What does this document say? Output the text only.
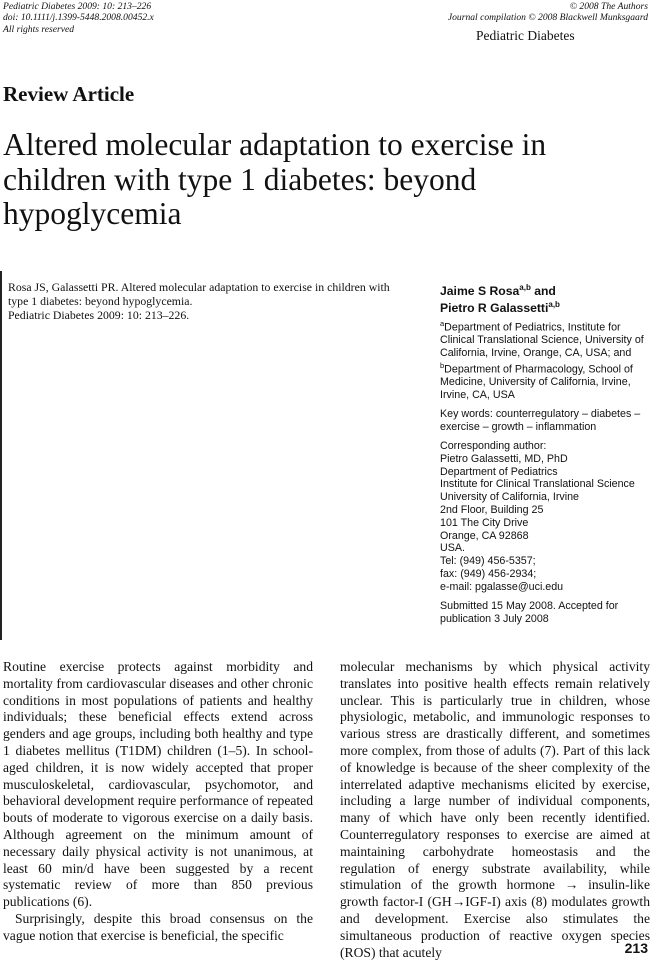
Pediatric Diabetes 2009: 10: 213–226
doi: 10.1111/j.1399-5448.2008.00452.x
All rights reserved
© 2008 The Authors
Journal compilation © 2008 Blackwell Munksgaard
Pediatric Diabetes
Review Article
Altered molecular adaptation to exercise in children with type 1 diabetes: beyond hypoglycemia
Rosa JS, Galassetti PR. Altered molecular adaptation to exercise in children with type 1 diabetes: beyond hypoglycemia.
Pediatric Diabetes 2009: 10: 213–226.
Jaime S Rosa$^{a,b}$ and
Pietro R Galassetti$^{a,b}$
$^a$Department of Pediatrics, Institute for Clinical Translational Science, University of California, Irvine, Orange, CA, USA; and $^b$Department of Pharmacology, School of Medicine, University of California, Irvine, Irvine, CA, USA
Key words: counterregulatory – diabetes – exercise – growth – inflammation
Corresponding author:
Pietro Galassetti, MD, PhD
Department of Pediatrics
Institute for Clinical Translational Science
University of California, Irvine
2nd Floor, Building 25
101 The City Drive
Orange, CA 92868
USA.
Tel: (949) 456-5357;
fax: (949) 456-2934;
e-mail: pgalasse@uci.edu
Submitted 15 May 2008. Accepted for publication 3 July 2008

Routine exercise protects against morbidity and mortality from cardiovascular diseases and other chronic conditions in most populations of patients and healthy individuals; these beneficial effects extend across genders and age groups, including both healthy and type 1 diabetes mellitus (T1DM) children (1–5). In school-aged children, it is now widely accepted that proper musculoskeletal, cardiovascular, psychomotor, and behavioral development require performance of repeated bouts of moderate to vigorous exercise on a daily basis. Although agreement on the minimum amount of necessary daily physical activity is not unanimous, at least 60 min/d have been suggested by a recent systematic review of more than 850 previous publications (6).

Surprisingly, despite this broad consensus on the vague notion that exercise is beneficial, the specific

molecular mechanisms by which physical activity translates into positive health effects remain relatively unclear. This is particularly true in children, whose physiologic, metabolic, and immunologic responses to various stress are drastically different, and sometimes more complex, from those of adults (7). Part of this lack of knowledge is because of the sheer complexity of the interrelated adaptive mechanisms elicited by exercise, including a large number of individual components, many of which have only been recently identified. Counterregulatory responses to exercise are aimed at maintaining carbohydrate homeostasis and the regulation of energy substrate availability, while stimulation of the growth hormone → insulin-like growth factor-I (GH→IGF-I) axis (8) modulates growth and development. Exercise also stimulates the simultaneous production of reactive oxygen species (ROS) that acutely	213
